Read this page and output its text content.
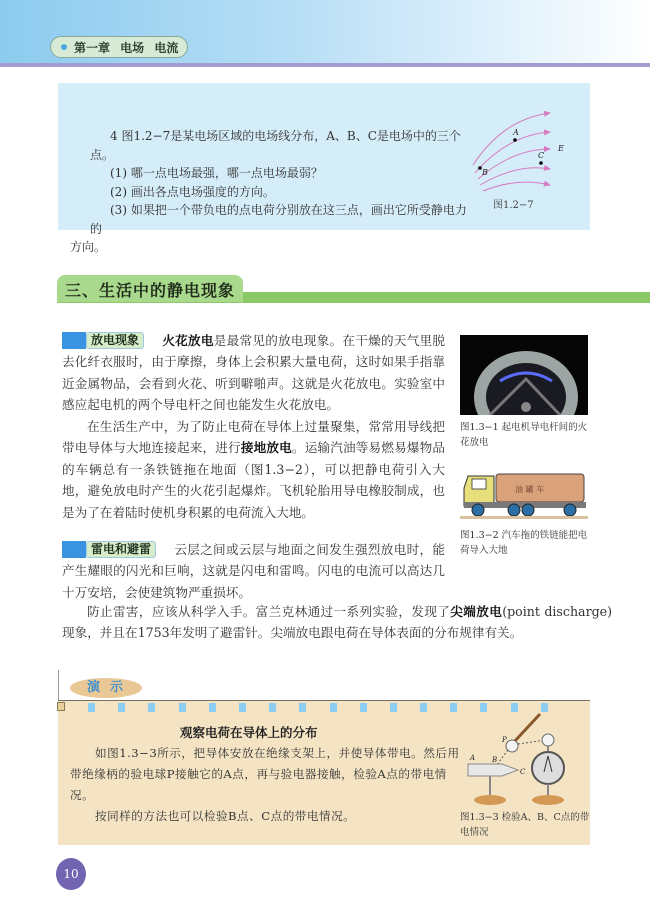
第一章 电场 电流

4 图1.2−7是某电场区域的电场线分布，A、B、C是电场中的三个点。

(1) 哪一点电场最强，哪一点电场最弱？

(2) 画出各点电场强度的方向。

(3) 如果把一个带负电的点电荷分别放在这三点，画出它所受静电力的

方向。

A
B
C
E
图1.2−7
三、生活中的静电现象
放电现象 火花放电是最常见的放电现象。在干燥的天气里脱去化纤衣服时，由于摩擦，身体上会积累大量电荷，这时如果手指靠近金属物品，会看到火花、听到噼啪声。这就是火花放电。实验室中感应起电机的两个导电杆之间也能发生火花放电。
在生活生产中，为了防止电荷在导体上过量聚集，常常用导线把带电导体与大地连接起来，进行接地放电。运输汽油等易燃易爆物品的车辆总有一条铁链拖在地面（图1.3−2），可以把静电荷引入大地，避免放电时产生的火花引起爆炸。飞机轮胎用导电橡胶制成，也是为了在着陆时使机身积累的电荷流入大地。
图1.3−1 起电机导电杆间的火花放电
油 罐 车
图1.3−2 汽车拖的铁链能把电荷导入大地
雷电和避雷 云层之间或云层与地面之间发生强烈放电时，能产生耀眼的闪光和巨响，这就是闪电和雷鸣。闪电的电流可以高达几十万安培，会使建筑物严重损坏。
防止雷害，应该从科学入手。富兰克林通过一系列实验，发现了尖端放电(point discharge) 现象，并且在1753年发明了避雷针。尖端放电跟电荷在导体表面的分布规律有关。
演示
观察电荷在导体上的分布

如图1.3−3所示，把导体安放在绝缘支架上，并使导体带电。然后用带绝缘柄的验电球P接触它的A点，再与验电器接触，检验A点的带电情况。

按同样的方法也可以检验B点、C点的带电情况。

P
A B
C
图1.3−3 检验A、B、C点的带电情况
10
